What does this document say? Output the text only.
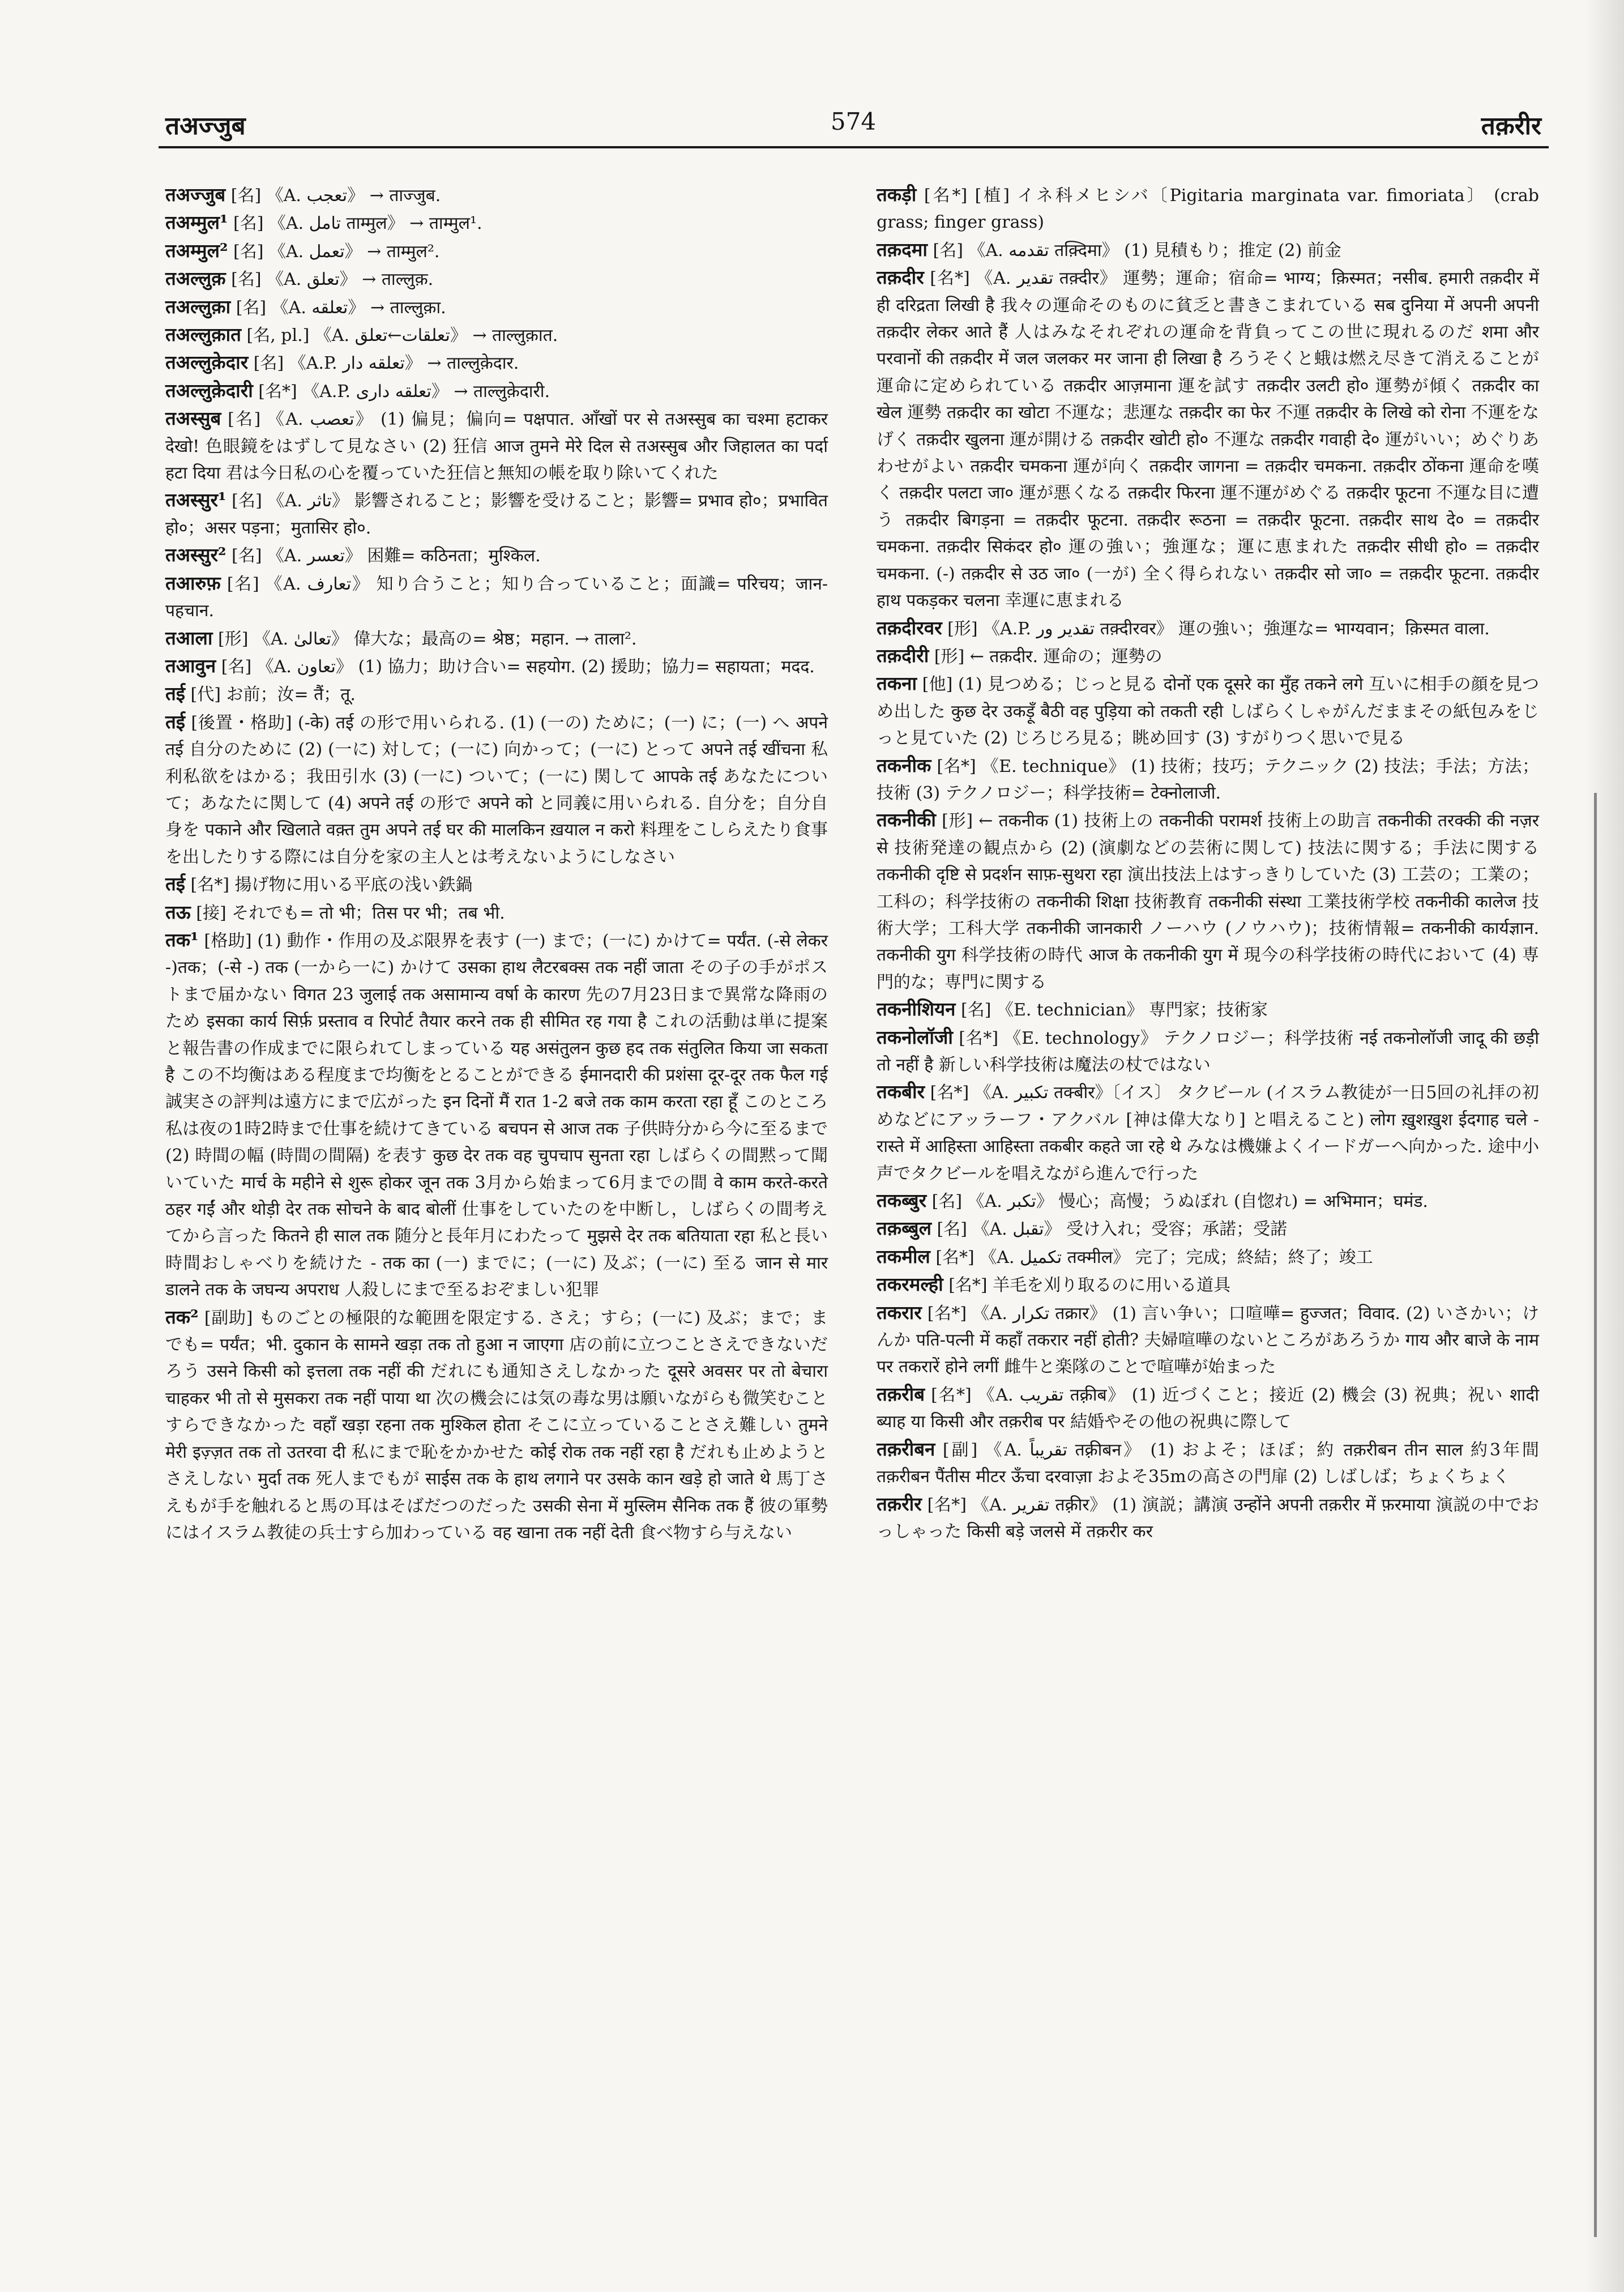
तअज्जुब	574	तक़रीर

तअज्जुब [名] 《A. تعجب》 → ताज्जुब.

तअम्मुल¹ [名] 《A. تامل ताम्मुल》 → ताम्मुल¹.

तअम्मुल² [名] 《A. تعمل》 → ताम्मुल².

तअल्लुक़ [名] 《A. تعلق》 → ताल्लुक़.

तअल्लुक़ा [名] 《A. تعلقه》 → ताल्लुक़ा.

तअल्लुक़ात [名, pl.] 《A. تعلقات←تعلق》 → ताल्लुक़ात.

तअल्लुक़ेदार [名] 《A.P. تعلقه دار》 → ताल्लुक़ेदार.

तअल्लुक़ेदारी [名*] 《A.P. تعلقه داری》 → ताल्लुक़ेदारी.

तअस्सुब [名] 《A. تعصب》 (1) 偏見；偏向= पक्षपात. आँखों पर से तअस्सुब का चश्मा हटाकर देखो! 色眼鏡をはずして見なさい (2) 狂信 आज तुमने मेरे दिल से तअस्सुब और जिहालत का पर्दा हटा दिया 君は今日私の心を覆っていた狂信と無知の帳を取り除いてくれた

तअस्सुर¹ [名] 《A. تاثر》 影響されること；影響を受けること；影響= प्रभाव हो०；प्रभावित हो०；असर पड़ना；मुतासिर हो०.

तअस्सुर² [名] 《A. تعسر》 困難= कठिनता；मुश्किल.

तआरुफ़ [名] 《A. تعارف》 知り合うこと；知り合っていること；面識= परिचय；जान-पहचान.

तआला [形] 《A. تعالیٰ》 偉大な；最高の= श्रेष्ठ；महान. → ताला².

तआवुन [名] 《A. تعاون》 (1) 協力；助け合い= सहयोग. (2) 援助；協力= सहायता；मदद.

तई [代] お前；汝= तैं；तू.

तई [後置・格助] (-के) तई の形で用いられる. (1) (一の) ために；(一) に；(一) へ अपने तई 自分のために (2) (一に) 対して；(一に) 向かって；(一に) とって अपने तई खींचना 私利私欲をはかる；我田引水 (3) (一に) ついて；(一に) 関して आपके तई あなたについて；あなたに関して (4) अपने तई の形で अपने को と同義に用いられる. 自分を；自分自身を पकाने और खिलाते वक़्त तुम अपने तई घर की मालकिन ख़याल न करो 料理をこしらえたり食事を出したりする際には自分を家の主人とは考えないようにしなさい

तई [名*] 揚げ物に用いる平底の浅い鉄鍋

तऊ [接] それでも= तो भी；तिस पर भी；तब भी.

तक¹ [格助] (1) 動作・作用の及ぶ限界を表す (一) まで；(一に) かけて= पर्यंत. (-से लेकर -)तक；(-से -) तक (一から一に) かけて उसका हाथ लैटरबक्स तक नहीं जाता その子の手がポストまで届かない विगत 23 जुलाई तक असामान्य वर्षा के कारण 先の7月23日まで異常な降雨のため इसका कार्य सिर्फ़ प्रस्ताव व रिपोर्ट तैयार करने तक ही सीमित रह गया है これの活動は単に提案と報告書の作成までに限られてしまっている यह असंतुलन कुछ हद तक संतुलित किया जा सकता है この不均衡はある程度まで均衡をとることができる ईमानदारी की प्रशंसा दूर-दूर तक फैल गई 誠実さの評判は遠方にまで広がった इन दिनों मैं रात 1-2 बजे तक काम करता रहा हूँ このところ私は夜の1時2時まで仕事を続けてきている बचपन से आज तक 子供時分から今に至るまで (2) 時間の幅 (時間の間隔) を表す कुछ देर तक वह चुपचाप सुनता रहा しばらくの間黙って聞いていた मार्च के महीने से शुरू होकर जून तक 3月から始まって6月までの間 वे काम करते-करते ठहर गईं और थोड़ी देर तक सोचने के बाद बोलीं 仕事をしていたのを中断し，しばらくの間考えてから言った कितने ही साल तक 随分と長年月にわたって मुझसे देर तक बतियाता रहा 私と長い時間おしゃべりを続けた - तक का (一) までに；(一に) 及ぶ；(一に) 至る जान से मार डालने तक के जघन्य अपराध 人殺しにまで至るおぞましい犯罪

तक² [副助] ものごとの極限的な範囲を限定する. さえ；すら；(一に) 及ぶ；まで；までも= पर्यंत；भी. दुकान के सामने खड़ा तक तो हुआ न जाएगा 店の前に立つことさえできないだろう उसने किसी को इत्तला तक नहीं की だれにも通知さえしなかった दूसरे अवसर पर तो बेचारा चाहकर भी तो से मुसकरा तक नहीं पाया था 次の機会には気の毒な男は願いながらも微笑むことすらできなかった वहाँ खड़ा रहना तक मुश्किल होता そこに立っていることさえ難しい तुमने मेरी इज़्ज़त तक तो उतरवा दी 私にまで恥をかかせた कोई रोक तक नहीं रहा है だれも止めようとさえしない मुर्दा तक 死人までもが साईस तक के हाथ लगाने पर उसके कान खड़े हो जाते थे 馬丁さえもが手を触れると馬の耳はそばだつのだった उसकी सेना में मुस्लिम सैनिक तक हैं 彼の軍勢にはイスラム教徒の兵士すら加わっている वह खाना तक नहीं देती 食べ物すら与えない

तकड़ी [名*] [植] イネ科メヒシバ〔Pigitaria marginata var. fimoriata〕 (crab grass; finger grass)

तक़दमा [名] 《A. تقدمه तक़्दिमा》 (1) 見積もり；推定 (2) 前金

तक़दीर [名*] 《A. تقدیر तक़्दीर》 運勢；運命；宿命= भाग्य；क़िस्मत；नसीब. हमारी तक़दीर में ही दरिद्रता लिखी है 我々の運命そのものに貧乏と書きこまれている सब दुनिया में अपनी अपनी तक़दीर लेकर आते हैं 人はみなそれぞれの運命を背負ってこの世に現れるのだ शमा और परवानों की तक़दीर में जल जलकर मर जाना ही लिखा है ろうそくと蛾は燃え尽きて消えることが運命に定められている तक़दीर आज़माना 運を試す तक़दीर उलटी हो० 運勢が傾く तक़दीर का खेल 運勢 तक़दीर का खोटा 不運な；悲運な तक़दीर का फेर 不運 तक़दीर के लिखे को रोना 不運をなげく तक़दीर खुलना 運が開ける तक़दीर खोटी हो० 不運な तक़दीर गवाही दे० 運がいい；めぐりあわせがよい तक़दीर चमकना 運が向く तक़दीर जागना = तक़दीर चमकना. तक़दीर ठोंकना 運命を嘆く तक़दीर पलटा जा० 運が悪くなる तक़दीर फिरना 運不運がめぐる तक़दीर फूटना 不運な目に遭う तक़दीर बिगड़ना = तक़दीर फूटना. तक़दीर रूठना = तक़दीर फूटना. तक़दीर साथ दे० = तक़दीर चमकना. तक़दीर सिकंदर हो० 運の強い；強運な；運に恵まれた तक़दीर सीधी हो० = तक़दीर चमकना. (-) तक़दीर से उठ जा० (一が) 全く得られない तक़दीर सो जा० = तक़दीर फूटना. तक़दीर हाथ पकड़कर चलना 幸運に恵まれる

तक़दीरवर [形] 《A.P. تقدیر ور तक़्दीरवर》 運の強い；強運な= भाग्यवान；क़िस्मत वाला.

तक़दीरी [形] ← तक़दीर. 運命の；運勢の

तकना [他] (1) 見つめる；じっと見る दोनों एक दूसरे का मुँह तकने लगे 互いに相手の顔を見つめ出した कुछ देर उकड़ूँ बैठी वह पुड़िया को तकती रही しばらくしゃがんだままその紙包みをじっと見ていた (2) じろじろ見る；眺め回す (3) すがりつく思いで見る

तकनीक [名*] 《E. technique》 (1) 技術；技巧；テクニック (2) 技法；手法；方法；技術 (3) テクノロジー；科学技術= टेक्नोलाजी.

तकनीकी [形] ← तकनीक (1) 技術上の तकनीकी परामर्श 技術上の助言 तकनीकी तरक्की की नज़र से 技術発達の観点から (2) (演劇などの芸術に関して) 技法に関する；手法に関する तकनीकी दृष्टि से प्रदर्शन साफ़-सुथरा रहा 演出技法上はすっきりしていた (3) 工芸の；工業の；工科の；科学技術の तकनीकी शिक्षा 技術教育 तकनीकी संस्था 工業技術学校 तकनीकी कालेज 技術大学；工科大学 तकनीकी जानकारी ノーハウ (ノウハウ)；技術情報= तकनीकी कार्यज्ञान. तकनीकी युग 科学技術の時代 आज के तकनीकी युग में 現今の科学技術の時代において (4) 専門的な；専門に関する

तकनीशियन [名] 《E. technician》 専門家；技術家

तकनोलॉजी [名*] 《E. technology》 テクノロジー；科学技術 नई तकनोलॉजी जादू की छड़ी तो नहीं है 新しい科学技術は魔法の杖ではない

तकबीर [名*] 《A. تکبیر तक्बीर》〔イス〕 タクビール (イスラム教徒が一日5回の礼拝の初めなどにアッラーフ・アクバル [神は偉大なり] と唱えること) लोग ख़ुशख़ुश ईदगाह चले - रास्ते में आहिस्ता आहिस्ता तकबीर कहते जा रहे थे みなは機嫌よくイードガーへ向かった. 途中小声でタクビールを唱えながら進んで行った

तकब्बुर [名] 《A. تکبر》 慢心；高慢；うぬぼれ (自惚れ) = अभिमान；घमंड.

तक़ब्बुल [名] 《A. تقبل》 受け入れ；受容；承諾；受諾

तकमील [名*] 《A. تکمیل तक्मील》 完了；完成；終結；終了；竣工

तकरमल्ही [名*] 羊毛を刈り取るのに用いる道具

तकरार [名*] 《A. تکرار तक्रार》 (1) 言い争い；口喧嘩= हुज्जत；विवाद. (2) いさかい；けんか पति-पत्नी में कहाँ तकरार नहीं होती? 夫婦喧嘩のないところがあろうか गाय और बाजे के नाम पर तकरारें होने लगीं 雌牛と楽隊のことで喧嘩が始まった

तक़रीब [名*] 《A. تقریب तक़्रीब》 (1) 近づくこと；接近 (2) 機会 (3) 祝典；祝い शादी ब्याह या किसी और तक़रीब पर 結婚やその他の祝典に際して

तक़रीबन [副] 《A. تقریباً तक़्रीबन》 (1) およそ；ほぼ；約 तक़रीबन तीन साल 約3年間 तक़रीबन पैंतीस मीटर ऊँचा दरवाज़ा およそ35mの高さの門扉 (2) しばしば；ちょくちょく

तक़रीर [名*] 《A. تقریر तक़्रीर》 (1) 演説；講演 उन्होंने अपनी तक़रीर में फ़रमाया 演説の中でおっしゃった किसी बड़े जलसे में तक़रीर कर
